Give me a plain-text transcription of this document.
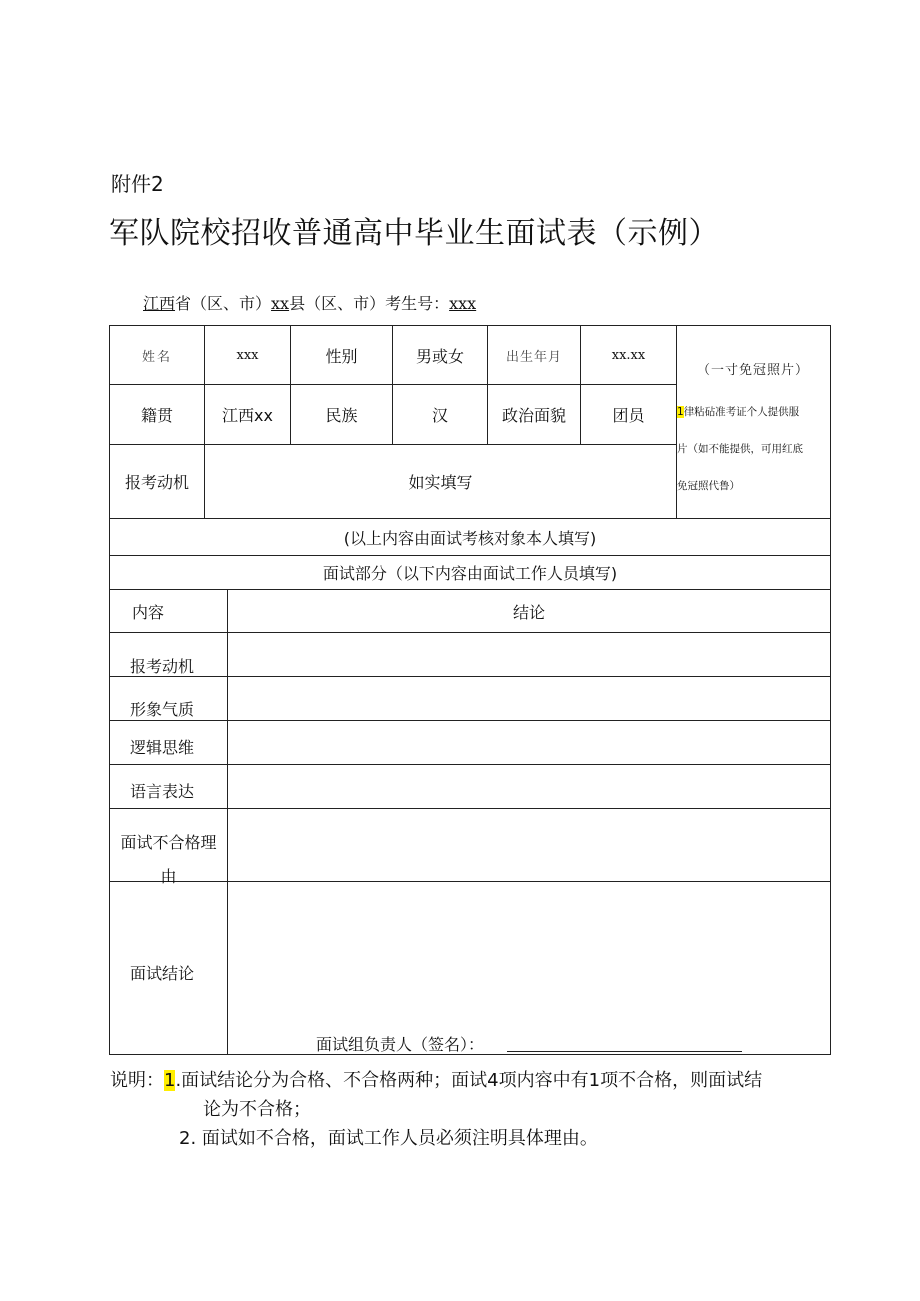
附件2
军队院校招收普通高中毕业生面试表（示例）
江西省（区、市）xx县（区、市）考生号：xxx
姓名	xxx	性别	男或女	出生年月	xx.xx
籍贯	江西xx	民族	汉	政治面貌	团员
报考动机	如实填写
（一寸免冠照片）
1律粘砧准考证个人提供服
片（如不能提供，可用红底
免冠照代鲁）
(以上内容由面试考核对象本人填写)
面试部分（以下内容由面试工作人员填写)
内容	结论
报考动机
形象气质
逻辑思维
语言表达
面试不合格理
由
面试结论
面试组负责人（签名）：
说明：1.面试结论分为合格、不合格两种；面试4项内容中有1项不合格，则面试结
论为不合格；
2. 面试如不合格，面试工作人员必须注明具体理由。
